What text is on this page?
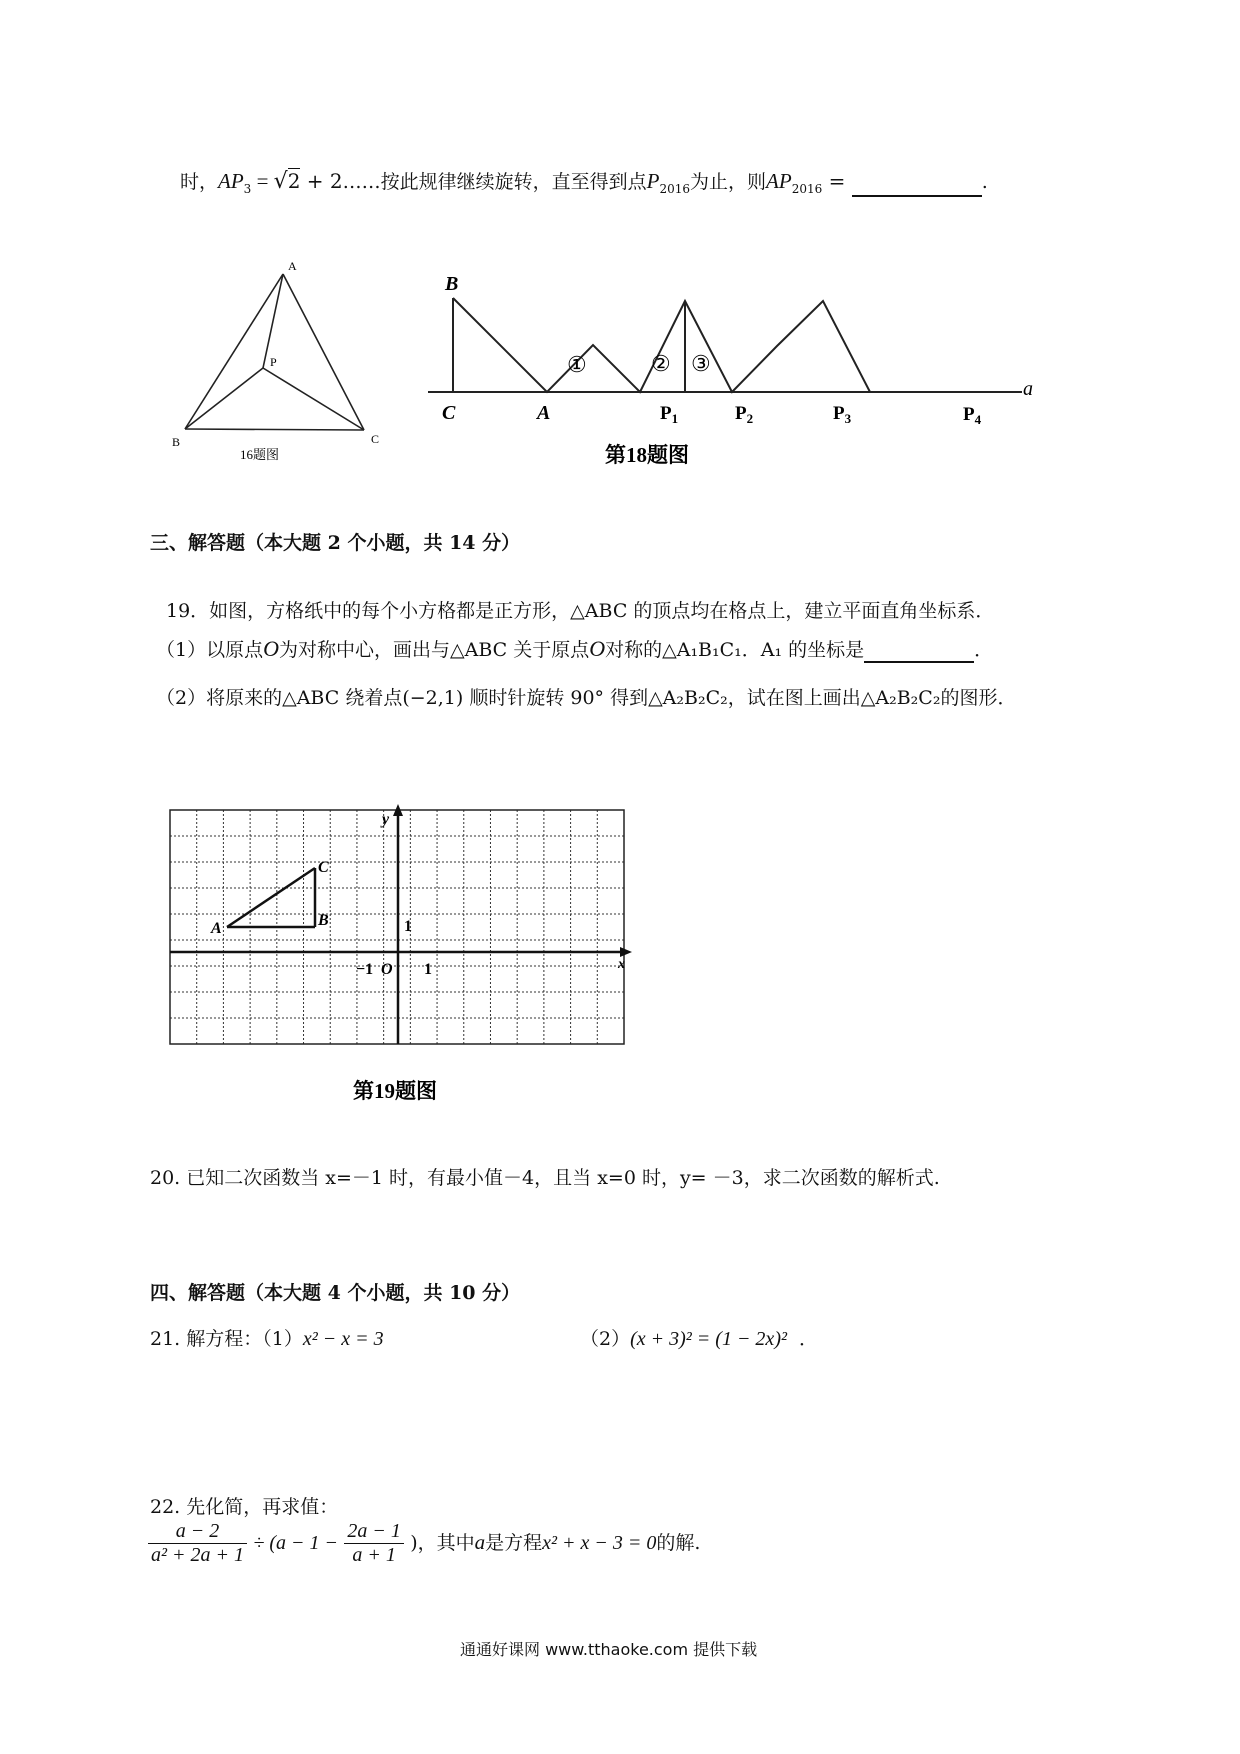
时，$AP_3 = √2$ + 2……按此规律继续旋转，直至得到点$P_{2016}$为止，则$AP_{2016}$ =	.
A
B	C
P
16题图
B
C	A
①	② ③
$P_1$	$P_2$	$P_3$	$P_4$
a
第18题图
三、解答题（本大题 2 个小题，共 14 分）
19．如图，方格纸中的每个小方格都是正方形，△ABC 的顶点均在格点上，建立平面直角坐标系．
（1）以原点O为对称中心，画出与△ABC 关于原点O对称的△A₁B₁C₁．A₁ 的坐标是	．
（2）将原来的△ABC 绕着点(−2,1) 顺时针旋转 90° 得到△A₂B₂C₂，试在图上画出△A₂B₂C₂的图形．
A	B
C
y
x
1
1
−1 O
第19题图
20. 已知二次函数当 x=－1 时，有最小值－4，且当 x=0 时，y= －3，求二次函数的解析式.
四、解答题（本大题 4 个小题，共 10 分）
21. 解方程：（1）x² − x = 3	（2）(x + 3)² = (1 − 2x)² ．
22. 先化简，再求值：
$\frac{a - 2}{\text{a² + 2a + 1}} \div (a - 1 - \frac{2a - 1}{a + 1}$ )，其中a是方程x² + x − 3 = 0的解.
通通好课网 www.tthaoke.com 提供下载
